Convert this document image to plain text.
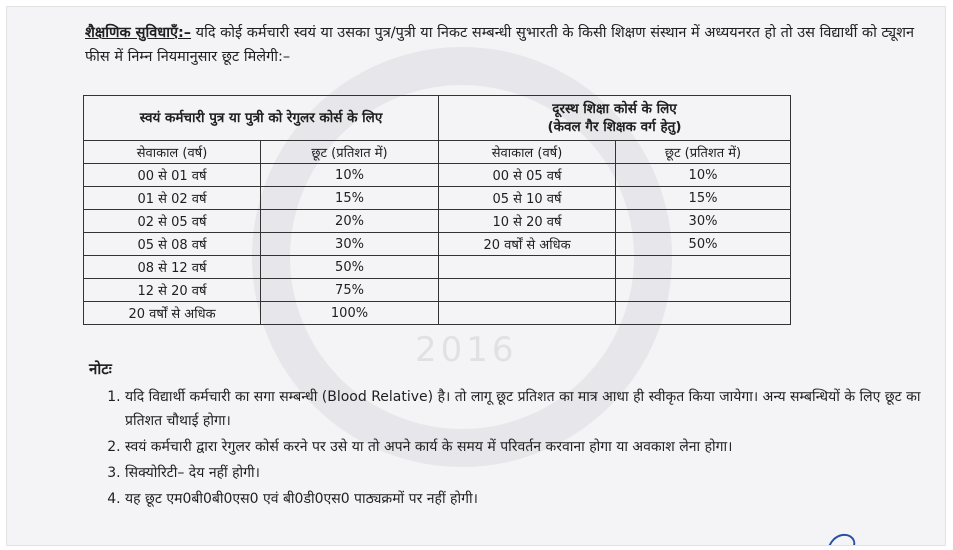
2016
शैक्षणिक सुविधाएँ:– यदि कोई कर्मचारी स्वयं या उसका पुत्र/पुत्री या निकट सम्बन्धी सुभारती के किसी शिक्षण संस्थान में अध्ययनरत हो तो उस विद्यार्थी को ट्यूशन फीस में निम्न नियमानुसार छूट मिलेगी:–
स्वयं कर्मचारी पुत्र या पुत्री को रेगुलर कोर्स के लिए		दूरस्थ शिक्षा कोर्स के लिए
(केवल गैर शिक्षक वर्ग हेतु)	
सेवाकाल (वर्ष)	छूट (प्रतिशत में)	सेवाकाल (वर्ष)	छूट (प्रतिशत में)
00 से 01 वर्ष	10%	00 से 05 वर्ष	10%
01 से 02 वर्ष	15%	05 से 10 वर्ष	15%
02 से 05 वर्ष	20%	10 से 20 वर्ष	30%
05 से 08 वर्ष	30%	20 वर्षों से अधिक	50%
08 से 12 वर्ष	50%		
12 से 20 वर्ष	75%		
20 वर्षों से अधिक	100%		
नोटः
1. यदि विद्यार्थी कर्मचारी का सगा सम्बन्धी (Blood Relative) है। तो लागू छूट प्रतिशत का मात्र आधा ही स्वीकृत किया जायेगा। अन्य सम्बन्धियों के लिए छूट का प्रतिशत चौथाई होगा।
2. स्वयं कर्मचारी द्वारा रेगुलर कोर्स करने पर उसे या तो अपने कार्य के समय में परिवर्तन करवाना होगा या अवकाश लेना होगा।
3. सिक्योरिटी– देय नहीं होगी।
4. यह छूट एम0बी0बी0एस0 एवं बी0डी0एस0 पाठ्यक्रमों पर नहीं होगी।
